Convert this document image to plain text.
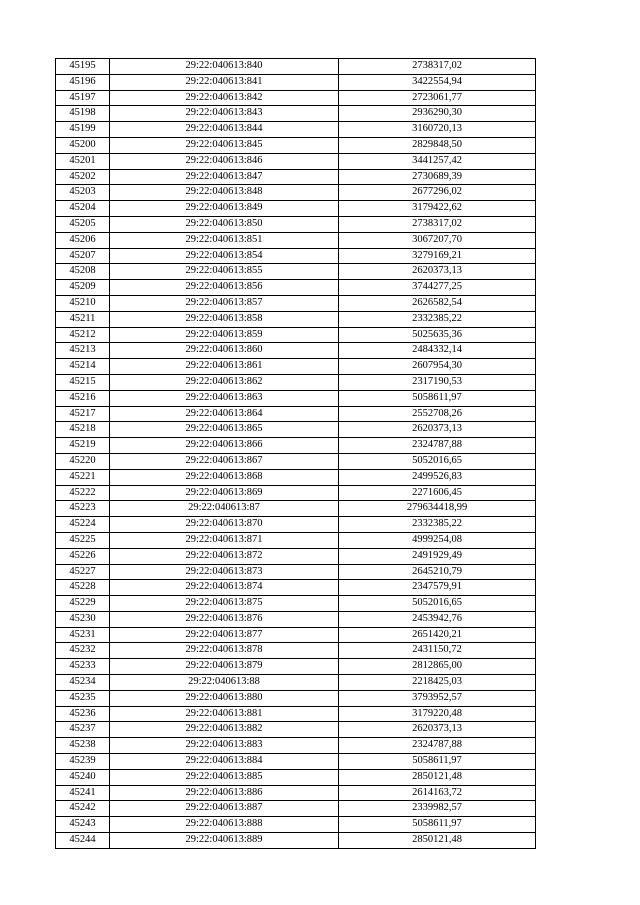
45195	29:22:040613:840	2738317,02
45196	29:22:040613:841	3422554,94
45197	29:22:040613:842	2723061,77
45198	29:22:040613:843	2936290,30
45199	29:22:040613:844	3160720,13
45200	29:22:040613:845	2829848,50
45201	29:22:040613:846	3441257,42
45202	29:22:040613:847	2730689,39
45203	29:22:040613:848	2677296,02
45204	29:22:040613:849	3179422,62
45205	29:22:040613:850	2738317,02
45206	29:22:040613:851	3067207,70
45207	29:22:040613:854	3279169,21
45208	29:22:040613:855	2620373,13
45209	29:22:040613:856	3744277,25
45210	29:22:040613:857	2626582,54
45211	29:22:040613:858	2332385,22
45212	29:22:040613:859	5025635,36
45213	29:22:040613:860	2484332,14
45214	29:22:040613:861	2607954,30
45215	29:22:040613:862	2317190,53
45216	29:22:040613:863	5058611,97
45217	29:22:040613:864	2552708,26
45218	29:22:040613:865	2620373,13
45219	29:22:040613:866	2324787,88
45220	29:22:040613:867	5052016,65
45221	29:22:040613:868	2499526,83
45222	29:22:040613:869	2271606,45
45223	29:22:040613:87	279634418,99
45224	29:22:040613:870	2332385,22
45225	29:22:040613:871	4999254,08
45226	29:22:040613:872	2491929,49
45227	29:22:040613:873	2645210,79
45228	29:22:040613:874	2347579,91
45229	29:22:040613:875	5052016,65
45230	29:22:040613:876	2453942,76
45231	29:22:040613:877	2651420,21
45232	29:22:040613:878	2431150,72
45233	29:22:040613:879	2812865,00
45234	29:22:040613:88	2218425,03
45235	29:22:040613:880	3793952,57
45236	29:22:040613:881	3179220,48
45237	29:22:040613:882	2620373,13
45238	29:22:040613:883	2324787,88
45239	29:22:040613:884	5058611,97
45240	29:22:040613:885	2850121,48
45241	29:22:040613:886	2614163,72
45242	29:22:040613:887	2339982,57
45243	29:22:040613:888	5058611,97
45244	29:22:040613:889	2850121,48
